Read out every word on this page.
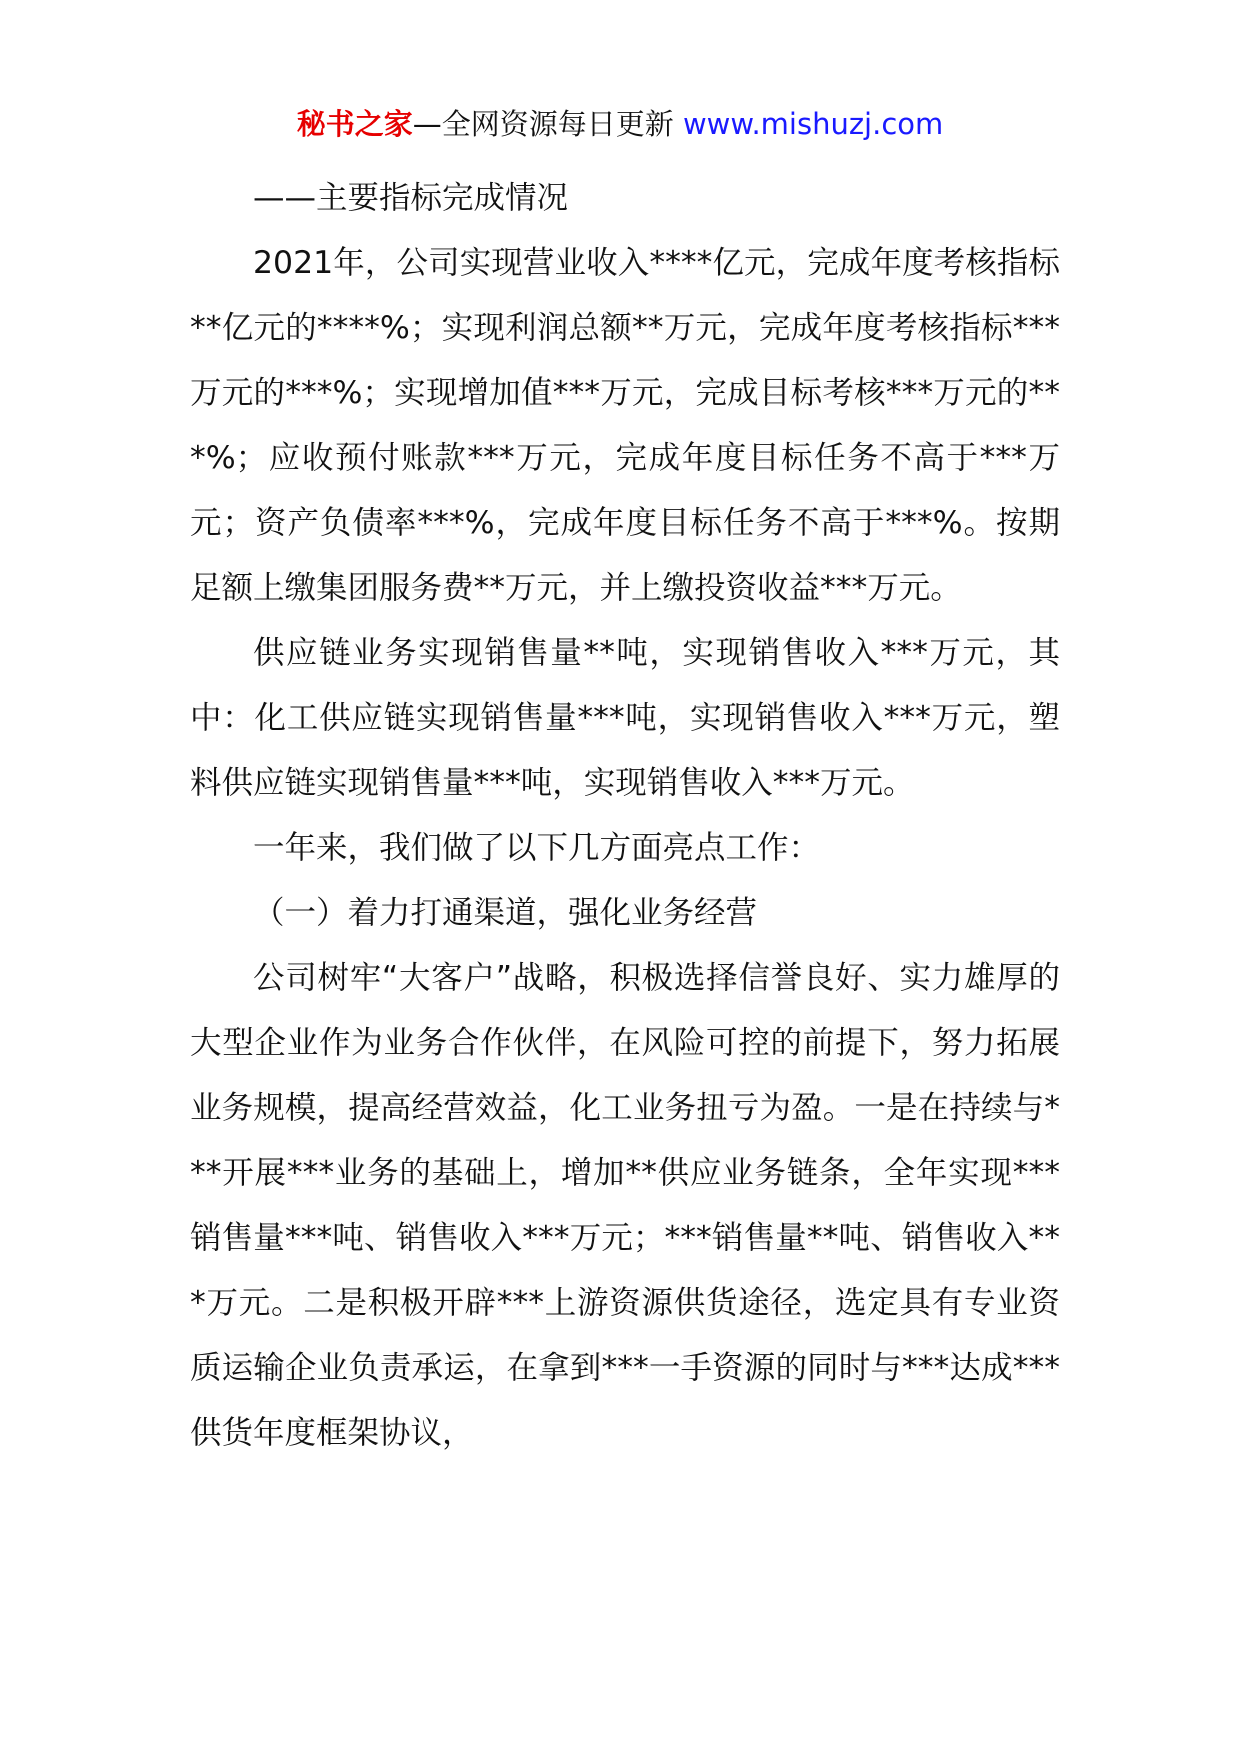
秘书之家—全网资源每日更新 www.mishuzj.com

——主要指标完成情况

2021年，公司实现营业收入****亿元，完成年度考核指标**亿元的****%；实现利润总额**万元，完成年度考核指标***万元的***%；实现增加值***万元，完成目标考核***万元的***%；应收预付账款***万元，完成年度目标任务不高于***万元；资产负债率***%，完成年度目标任务不高于***%。按期足额上缴集团服务费**万元，并上缴投资收益***万元。

供应链业务实现销售量**吨，实现销售收入***万元，其中：化工供应链实现销售量***吨，实现销售收入***万元，塑料供应链实现销售量***吨，实现销售收入***万元。

一年来，我们做了以下几方面亮点工作：

（一）着力打通渠道，强化业务经营

公司树牢“大客户”战略，积极选择信誉良好、实力雄厚的大型企业作为业务合作伙伴，在风险可控的前提下，努力拓展业务规模，提高经营效益，化工业务扭亏为盈。一是在持续与***开展***业务的基础上，增加**供应业务链条，全年实现***销售量***吨、销售收入***万元；***销售量**吨、销售收入***万元。二是积极开辟***上游资源供货途径，选定具有专业资质运输企业负责承运，在拿到***一手资源的同时与***达成***供货年度框架协议，
